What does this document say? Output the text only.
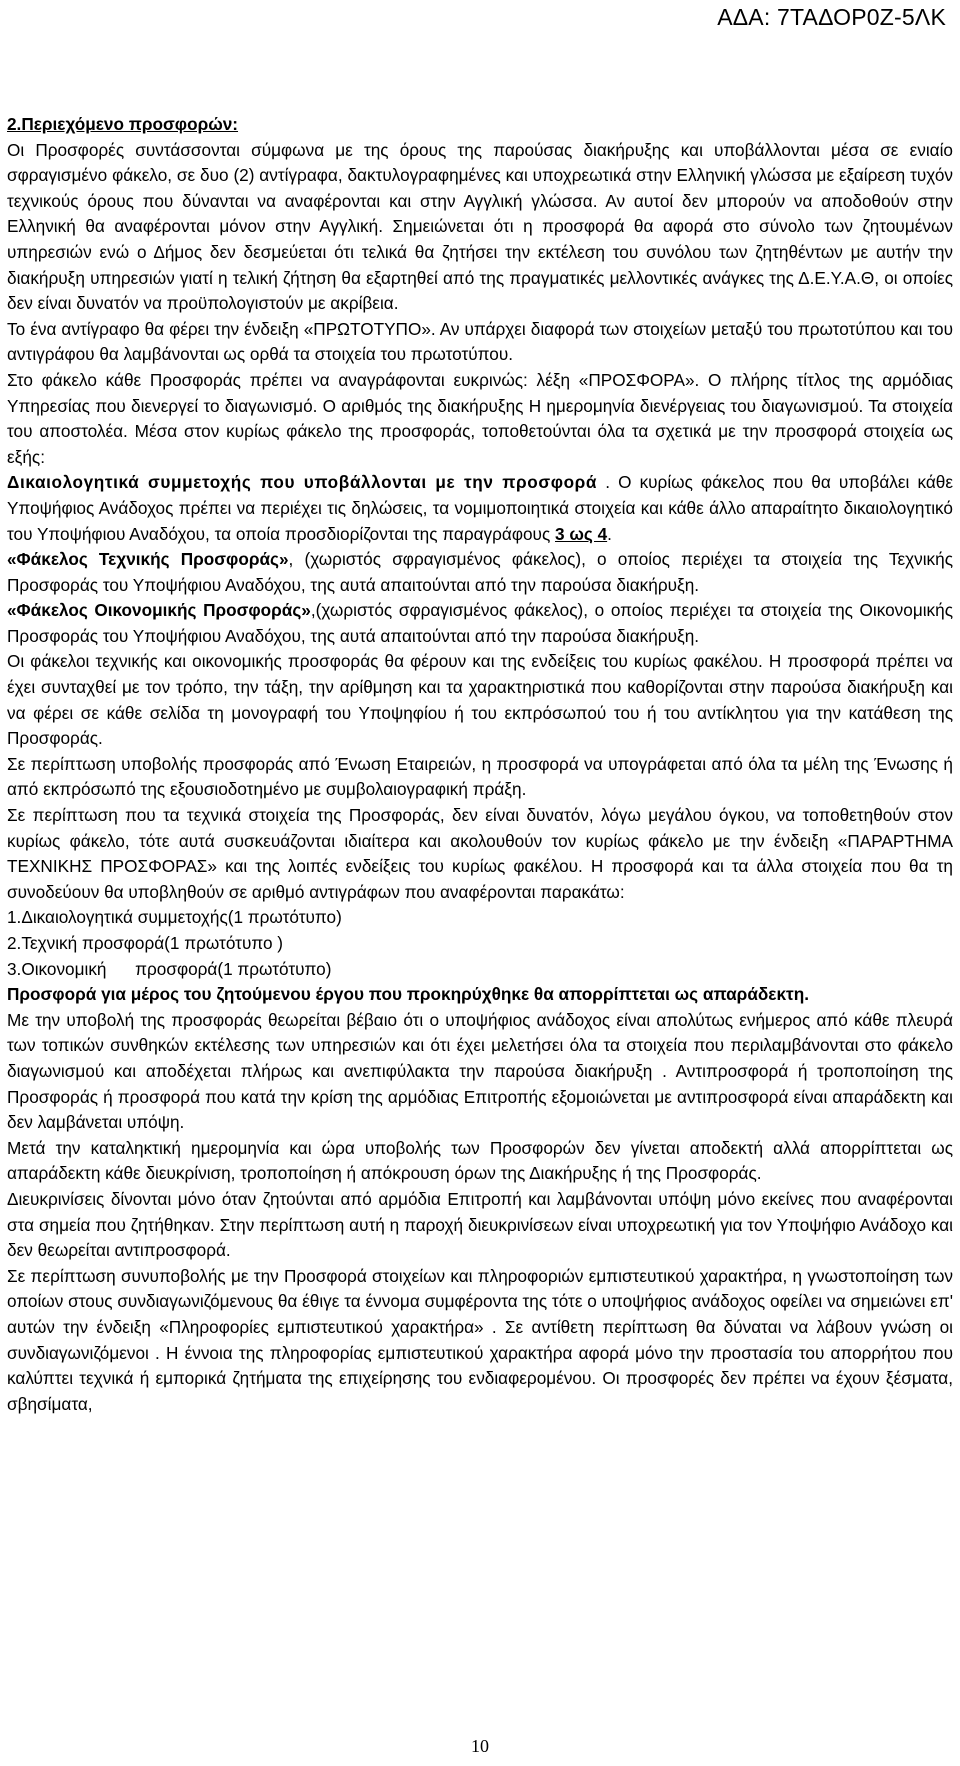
ΑΔΑ: 7ΤΑΔΟΡ0Ζ-5ΛΚ

2.Περιεχόμενο προσφορών:

Οι Προσφορές συντάσσονται σύμφωνα με της όρους της παρούσας διακήρυξης και υποβάλλονται μέσα σε ενιαίο σφραγισμένο φάκελο, σε δυο (2) αντίγραφα, δακτυλογραφημένες και υποχρεωτικά στην Ελληνική γλώσσα με εξαίρεση τυχόν τεχνικούς όρους που δύνανται να αναφέρονται και στην Αγγλική γλώσσα. Αν αυτοί δεν μπορούν να αποδοθούν στην Ελληνική θα αναφέρονται μόνον στην Αγγλική. Σημειώνεται ότι η προσφορά θα αφορά στο σύνολο των ζητουμένων υπηρεσιών ενώ ο Δήμος δεν δεσμεύεται ότι τελικά θα ζητήσει την εκτέλεση του συνόλου των ζητηθέντων με αυτήν την διακήρυξη υπηρεσιών γιατί η τελική ζήτηση θα εξαρτηθεί από της πραγματικές μελλοντικές ανάγκες της Δ.Ε.Υ.Α.Θ, οι οποίες δεν είναι δυνατόν να προϋπολογιστούν με ακρίβεια.

Το ένα αντίγραφο θα φέρει την ένδειξη «ΠΡΩΤΟΤΥΠΟ». Αν υπάρχει διαφορά των στοιχείων μεταξύ του πρωτοτύπου και του αντιγράφου θα λαμβάνονται ως ορθά τα στοιχεία του πρωτοτύπου.

Στο φάκελο κάθε Προσφοράς πρέπει να αναγράφονται ευκρινώς: λέξη «ΠΡΟΣΦΟΡΑ». Ο πλήρης τίτλος της αρμόδιας Υπηρεσίας που διενεργεί το διαγωνισμό. Ο αριθμός της διακήρυξης Η ημερομηνία διενέργειας του διαγωνισμού. Τα στοιχεία του αποστολέα. Μέσα στον κυρίως φάκελο της προσφοράς, τοποθετούνται όλα τα σχετικά με την προσφορά στοιχεία ως εξής:

Δικαιολογητικά συμμετοχής που υποβάλλονται με την προσφορά . Ο κυρίως φάκελος που θα υποβάλει κάθε Υποψήφιος Ανάδοχος πρέπει να περιέχει τις δηλώσεις, τα νομιμοποιητικά στοιχεία και κάθε άλλο απαραίτητο δικαιολογητικό του Υποψήφιου Αναδόχου, τα οποία προσδιορίζονται της παραγράφους 3 ως 4.

«Φάκελος Τεχνικής Προσφοράς», (χωριστός σφραγισμένος φάκελος), ο οποίος περιέχει τα στοιχεία της Τεχνικής Προσφοράς του Υποψήφιου Αναδόχου, της αυτά απαιτούνται από την παρούσα διακήρυξη.

«Φάκελος Οικονομικής Προσφοράς»,(χωριστός σφραγισμένος φάκελος), ο οποίος περιέχει τα στοιχεία της Οικονομικής Προσφοράς του Υποψήφιου Αναδόχου, της αυτά απαιτούνται από την παρούσα διακήρυξη.

Οι φάκελοι τεχνικής και οικονομικής προσφοράς θα φέρουν και της ενδείξεις του κυρίως φακέλου. Η προσφορά πρέπει να έχει συνταχθεί με τον τρόπο, την τάξη, την αρίθμηση και τα χαρακτηριστικά που καθορίζονται στην παρούσα διακήρυξη και να φέρει σε κάθε σελίδα τη μονογραφή του Υποψηφίου ή του εκπρόσωπού του ή του αντίκλητου για την κατάθεση της Προσφοράς.

Σε περίπτωση υποβολής προσφοράς από Ένωση Εταιρειών, η προσφορά να υπογράφεται από όλα τα μέλη της Ένωσης ή από εκπρόσωπό της εξουσιοδοτημένο με συμβολαιογραφική πράξη.

Σε περίπτωση που τα τεχνικά στοιχεία της Προσφοράς, δεν είναι δυνατόν, λόγω μεγάλου όγκου, να τοποθετηθούν στον κυρίως φάκελο, τότε αυτά συσκευάζονται ιδιαίτερα και ακολουθούν τον κυρίως φάκελο με την ένδειξη «ΠΑΡΑΡΤΗΜΑ ΤΕΧΝΙΚΗΣ ΠΡΟΣΦΟΡΑΣ» και της λοιπές ενδείξεις του κυρίως φακέλου. Η προσφορά και τα άλλα στοιχεία που θα τη συνοδεύουν θα υποβληθούν σε αριθμό αντιγράφων που αναφέρονται παρακάτω:

1.Δικαιολογητικά συμμετοχής(1 πρωτότυπο)

2.Τεχνική προσφορά(1 πρωτότυπο )

3.Οικονομική      προσφορά(1 πρωτότυπο)

Προσφορά για μέρος του ζητούμενου έργου που προκηρύχθηκε θα απορρίπτεται ως απαράδεκτη.

Με την υποβολή της προσφοράς θεωρείται βέβαιο ότι ο υποψήφιος ανάδοχος είναι απολύτως ενήμερος από κάθε πλευρά των τοπικών συνθηκών εκτέλεσης των υπηρεσιών και ότι έχει μελετήσει όλα τα στοιχεία που περιλαμβάνονται στο φάκελο διαγωνισμού και αποδέχεται πλήρως και ανεπιφύλακτα την παρούσα διακήρυξη . Αντιπροσφορά ή τροποποίηση της Προσφοράς ή προσφορά που κατά την κρίση της αρμόδιας Επιτροπής εξομοιώνεται με αντιπροσφορά είναι απαράδεκτη και δεν λαμβάνεται υπόψη.

Μετά την καταληκτική ημερομηνία και ώρα υποβολής των Προσφορών δεν γίνεται αποδεκτή αλλά απορρίπτεται ως απαράδεκτη κάθε διευκρίνιση, τροποποίηση ή απόκρουση όρων της Διακήρυξης ή της Προσφοράς.

Διευκρινίσεις δίνονται μόνο όταν ζητούνται από αρμόδια Επιτροπή και λαμβάνονται υπόψη μόνο εκείνες που αναφέρονται στα σημεία που ζητήθηκαν. Στην περίπτωση αυτή η παροχή διευκρινίσεων είναι υποχρεωτική για τον Υποψήφιο Ανάδοχο και δεν θεωρείται αντιπροσφορά.

Σε περίπτωση συνυποβολής με την Προσφορά στοιχείων και πληροφοριών εμπιστευτικού χαρακτήρα, η γνωστοποίηση των οποίων στους συνδιαγωνιζόμενους θα έθιγε τα έννομα συμφέροντα της τότε ο υποψήφιος ανάδοχος οφείλει να σημειώνει επ' αυτών την ένδειξη «Πληροφορίες εμπιστευτικού χαρακτήρα» . Σε αντίθετη περίπτωση θα δύναται να λάβουν γνώση οι συνδιαγωνιζόμενοι . Η έννοια της πληροφορίας εμπιστευτικού χαρακτήρα αφορά μόνο την προστασία του απορρήτου που καλύπτει τεχνικά ή εμπορικά ζητήματα της επιχείρησης του ενδιαφερομένου. Οι προσφορές δεν πρέπει να έχουν ξέσματα, σβησίματα,

10
